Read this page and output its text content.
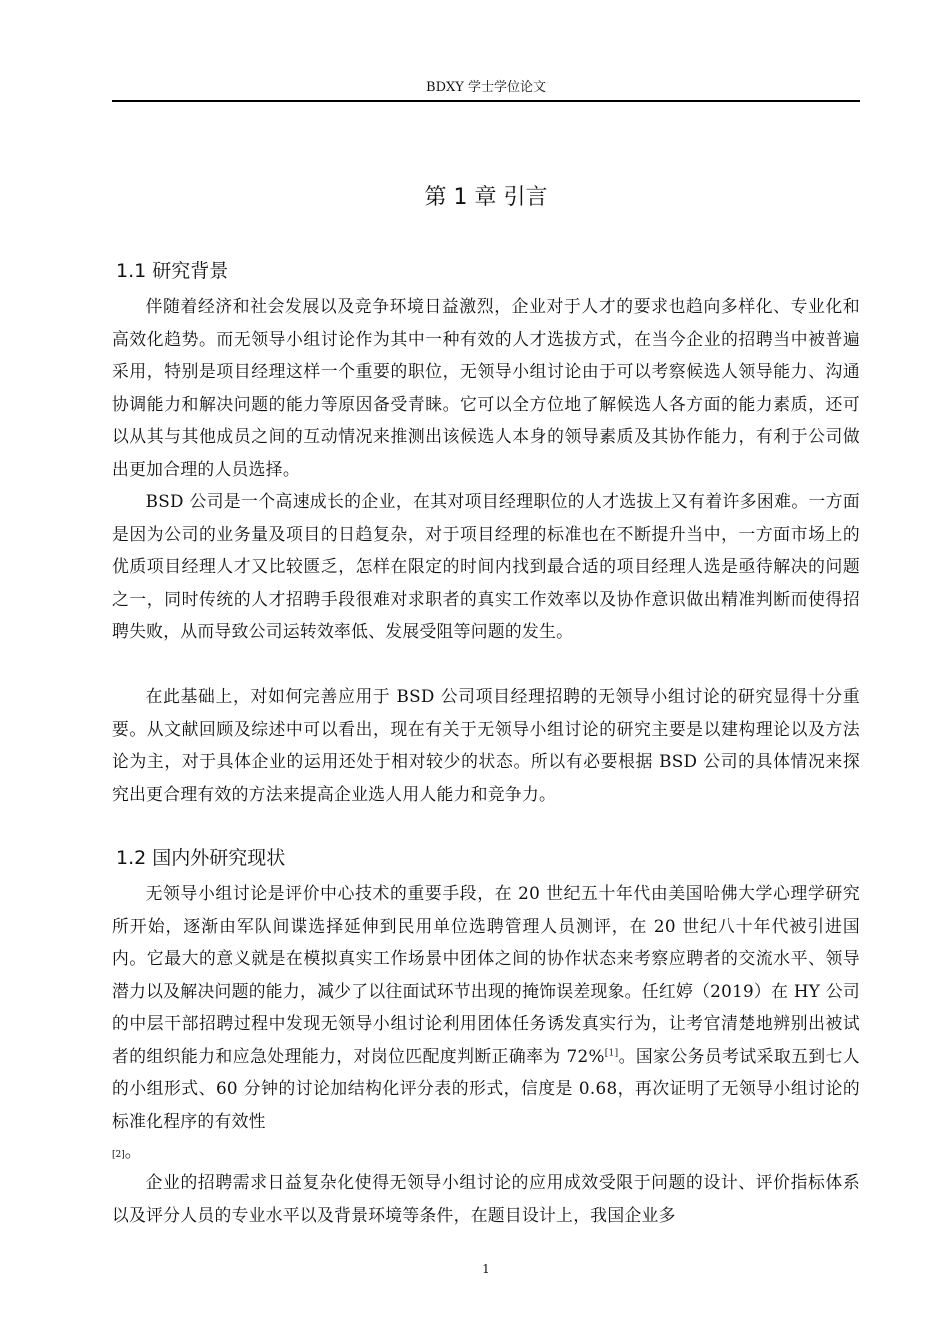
BDXY 学士学位论文
第 1 章 引言
1.1 研究背景

伴随着经济和社会发展以及竞争环境日益激烈，企业对于人才的要求也趋向多样化、专业化和高效化趋势。而无领导小组讨论作为其中一种有效的人才选拔方式，在当今企业的招聘当中被普遍采用，特别是项目经理这样一个重要的职位，无领导小组讨论由于可以考察候选人领导能力、沟通协调能力和解决问题的能力等原因备受青睐。它可以全方位地了解候选人各方面的能力素质，还可以从其与其他成员之间的互动情况来推测出该候选人本身的领导素质及其协作能力，有利于公司做出更加合理的人员选择。

BSD 公司是一个高速成长的企业，在其对项目经理职位的人才选拔上又有着许多困难。一方面是因为公司的业务量及项目的日趋复杂，对于项目经理的标准也在不断提升当中，一方面市场上的优质项目经理人才又比较匮乏，怎样在限定的时间内找到最合适的项目经理人选是亟待解决的问题之一，同时传统的人才招聘手段很难对求职者的真实工作效率以及协作意识做出精准判断而使得招聘失败，从而导致公司运转效率低、发展受阻等问题的发生。

在此基础上，对如何完善应用于 BSD 公司项目经理招聘的无领导小组讨论的研究显得十分重要。从文献回顾及综述中可以看出，现在有关于无领导小组讨论的研究主要是以建构理论以及方法论为主，对于具体企业的运用还处于相对较少的状态。所以有必要根据 BSD 公司的具体情况来探究出更合理有效的方法来提高企业选人用人能力和竞争力。

1.2 国内外研究现状

无领导小组讨论是评价中心技术的重要手段，在 20 世纪五十年代由美国哈佛大学心理学研究所开始，逐渐由军队间谍选择延伸到民用单位选聘管理人员测评，在 20 世纪八十年代被引进国内。它最大的意义就是在模拟真实工作场景中团体之间的协作状态来考察应聘者的交流水平、领导潜力以及解决问题的能力，减少了以往面试环节出现的掩饰误差现象。任红婷（2019）在 HY 公司的中层干部招聘过程中发现无领导小组讨论利用团体任务诱发真实行为，让考官清楚地辨别出被试者的组织能力和应急处理能力，对岗位匹配度判断正确率为 72%[1]。国家公务员考试采取五到七人的小组形式、60 分钟的讨论加结构化评分表的形式，信度是 0.68，再次证明了无领导小组讨论的标准化程序的有效性

[2]。

企业的招聘需求日益复杂化使得无领导小组讨论的应用成效受限于问题的设计、评价指标体系以及评分人员的专业水平以及背景环境等条件，在题目设计上，我国企业多

1
